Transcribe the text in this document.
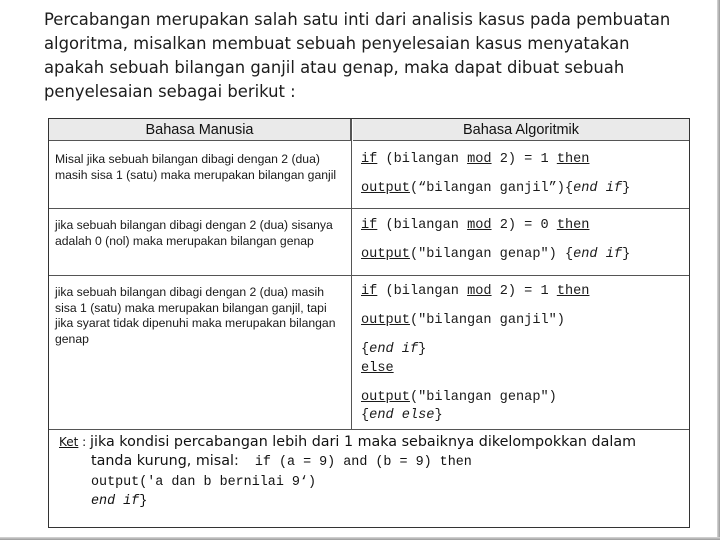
Percabangan merupakan salah satu inti dari analisis kasus pada pembuatan algoritma, misalkan membuat sebuah penyelesaian kasus menyatakan apakah sebuah bilangan ganjil atau genap, maka dapat dibuat sebuah penyelesaian sebagai berikut :
Bahasa Manusia	Bahasa Algoritmik
Misal jika sebuah bilangan dibagi dengan 2 (dua) masih sisa 1 (satu) maka merupakan bilangan ganjil
if (bilangan mod 2) = 1 then
output(“bilangan ganjil”){end if}
jika sebuah bilangan dibagi dengan 2 (dua) sisanya adalah 0 (nol) maka merupakan bilangan genap
if (bilangan mod 2) = 0 then
output("bilangan genap") {end if}
jika sebuah bilangan dibagi dengan 2 (dua) masih sisa 1 (satu) maka merupakan bilangan ganjil, tapi jika syarat tidak dipenuhi maka merupakan bilangan genap
if (bilangan mod 2) = 1 then
output("bilangan ganjil")
{end if}
else
output("bilangan genap")
{end else}
Ket : jika kondisi percabangan lebih dari 1 maka sebaiknya dikelompokkan dalam
tanda kurung, misal:  if (a = 9) and (b = 9) then
output('a dan b bernilai 9‘)
end if}
